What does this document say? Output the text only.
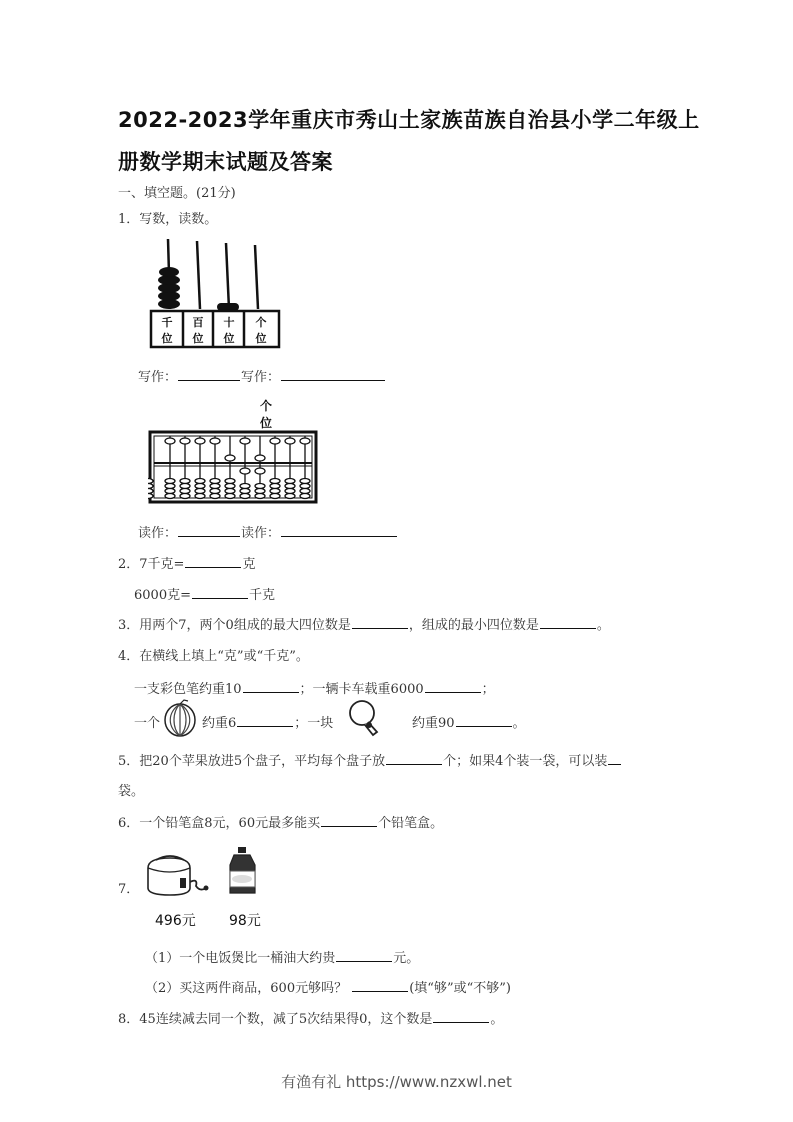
2022-2023学年重庆市秀山土家族苗族自治县小学二年级上
册数学期末试题及答案
一、填空题。(21分)
1．写数，读数。
千
位
百
位
十
位
个
位
写作：	写作：
个
位
读作：	读作：
2．7千克=	克
6000克=	千克
3．用两个7，两个0组成的最大四位数是	，组成的最小四位数是	。
4．在横线上填上“克”或“千克”。
一支彩色笔约重10	；一辆卡车载重6000	；
一个	约重6	；一块	约重90	。
5．把20个苹果放进5个盘子，平均每个盘子放	个；如果4个装一袋，可以装
袋。
6．一个铅笔盒8元，60元最多能买	个铅笔盒。
7．
496元 98元
（1）一个电饭煲比一桶油大约贵	元。
（2）买这两件商品，600元够吗？	(填“够”或“不够”)
8．45连续减去同一个数，减了5次结果得0，这个数是	。
有渔有礼 https://www.nzxwl.net
